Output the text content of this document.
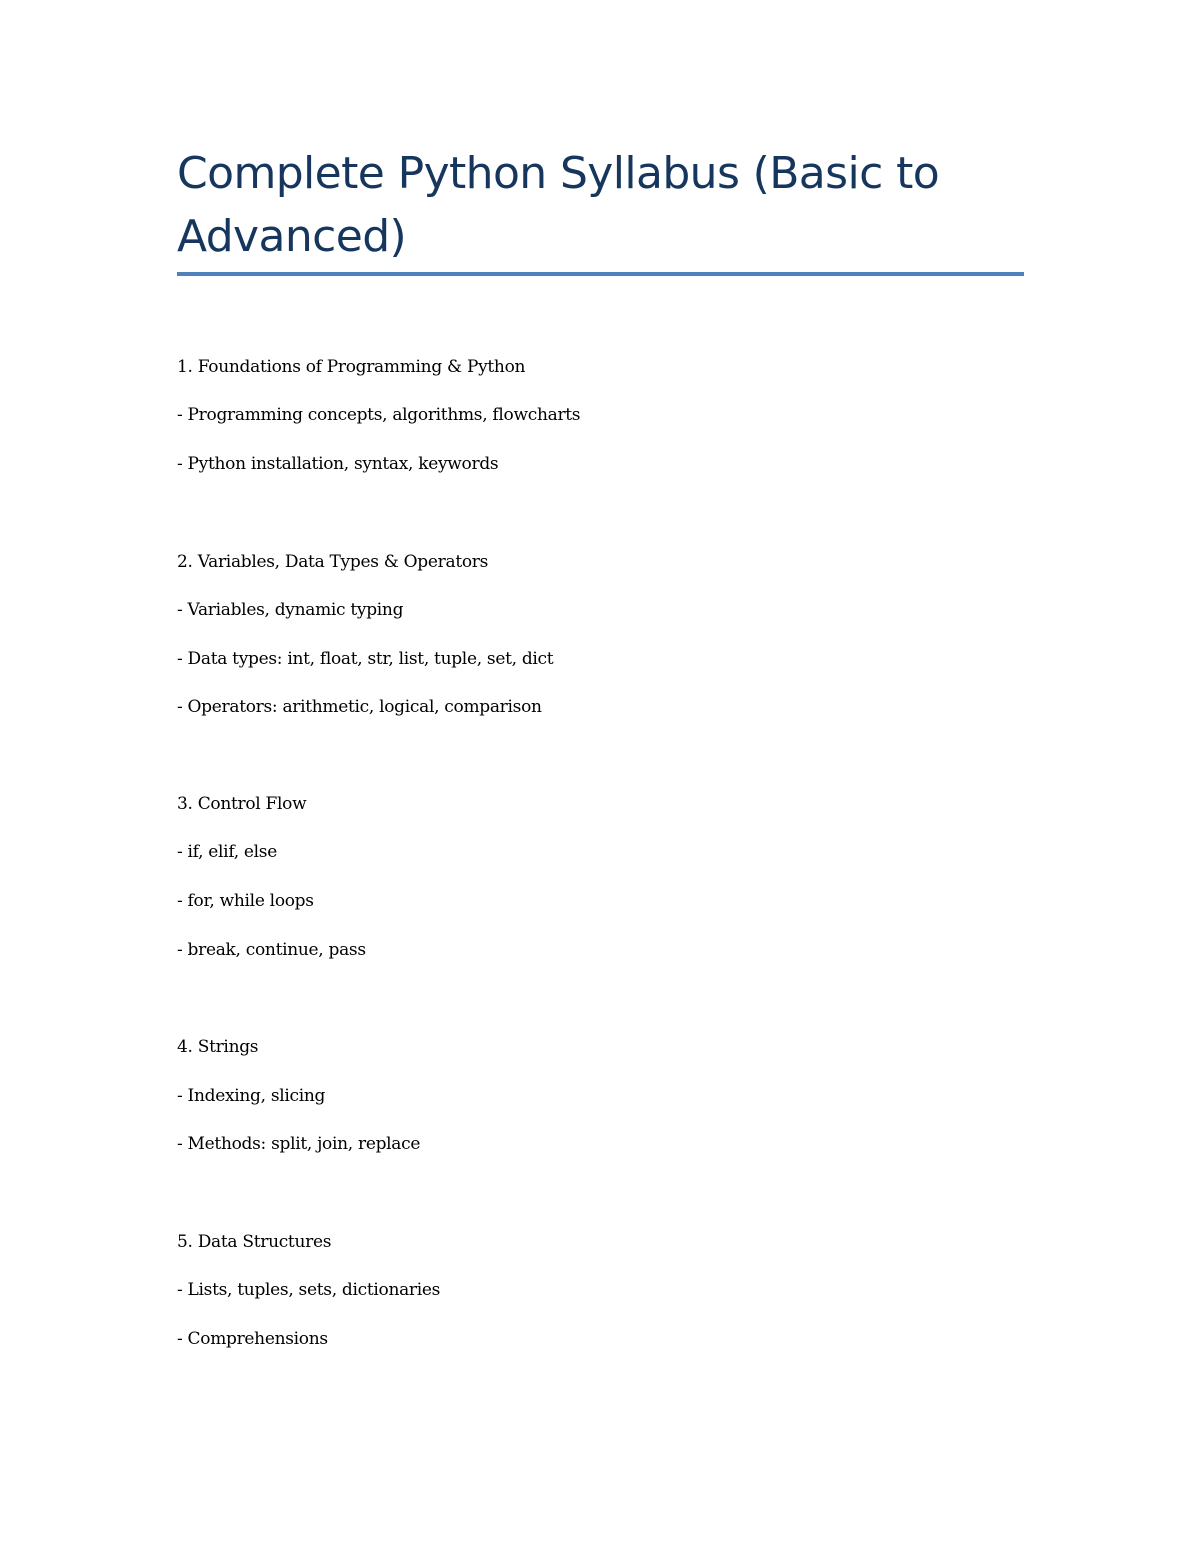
Complete Python Syllabus (Basic to Advanced)

1. Foundations of Programming & Python

- Programming concepts, algorithms, flowcharts

- Python installation, syntax, keywords

2. Variables, Data Types & Operators

- Variables, dynamic typing

- Data types: int, float, str, list, tuple, set, dict

- Operators: arithmetic, logical, comparison

3. Control Flow

- if, elif, else

- for, while loops

- break, continue, pass

4. Strings

- Indexing, slicing

- Methods: split, join, replace

5. Data Structures

- Lists, tuples, sets, dictionaries

- Comprehensions
